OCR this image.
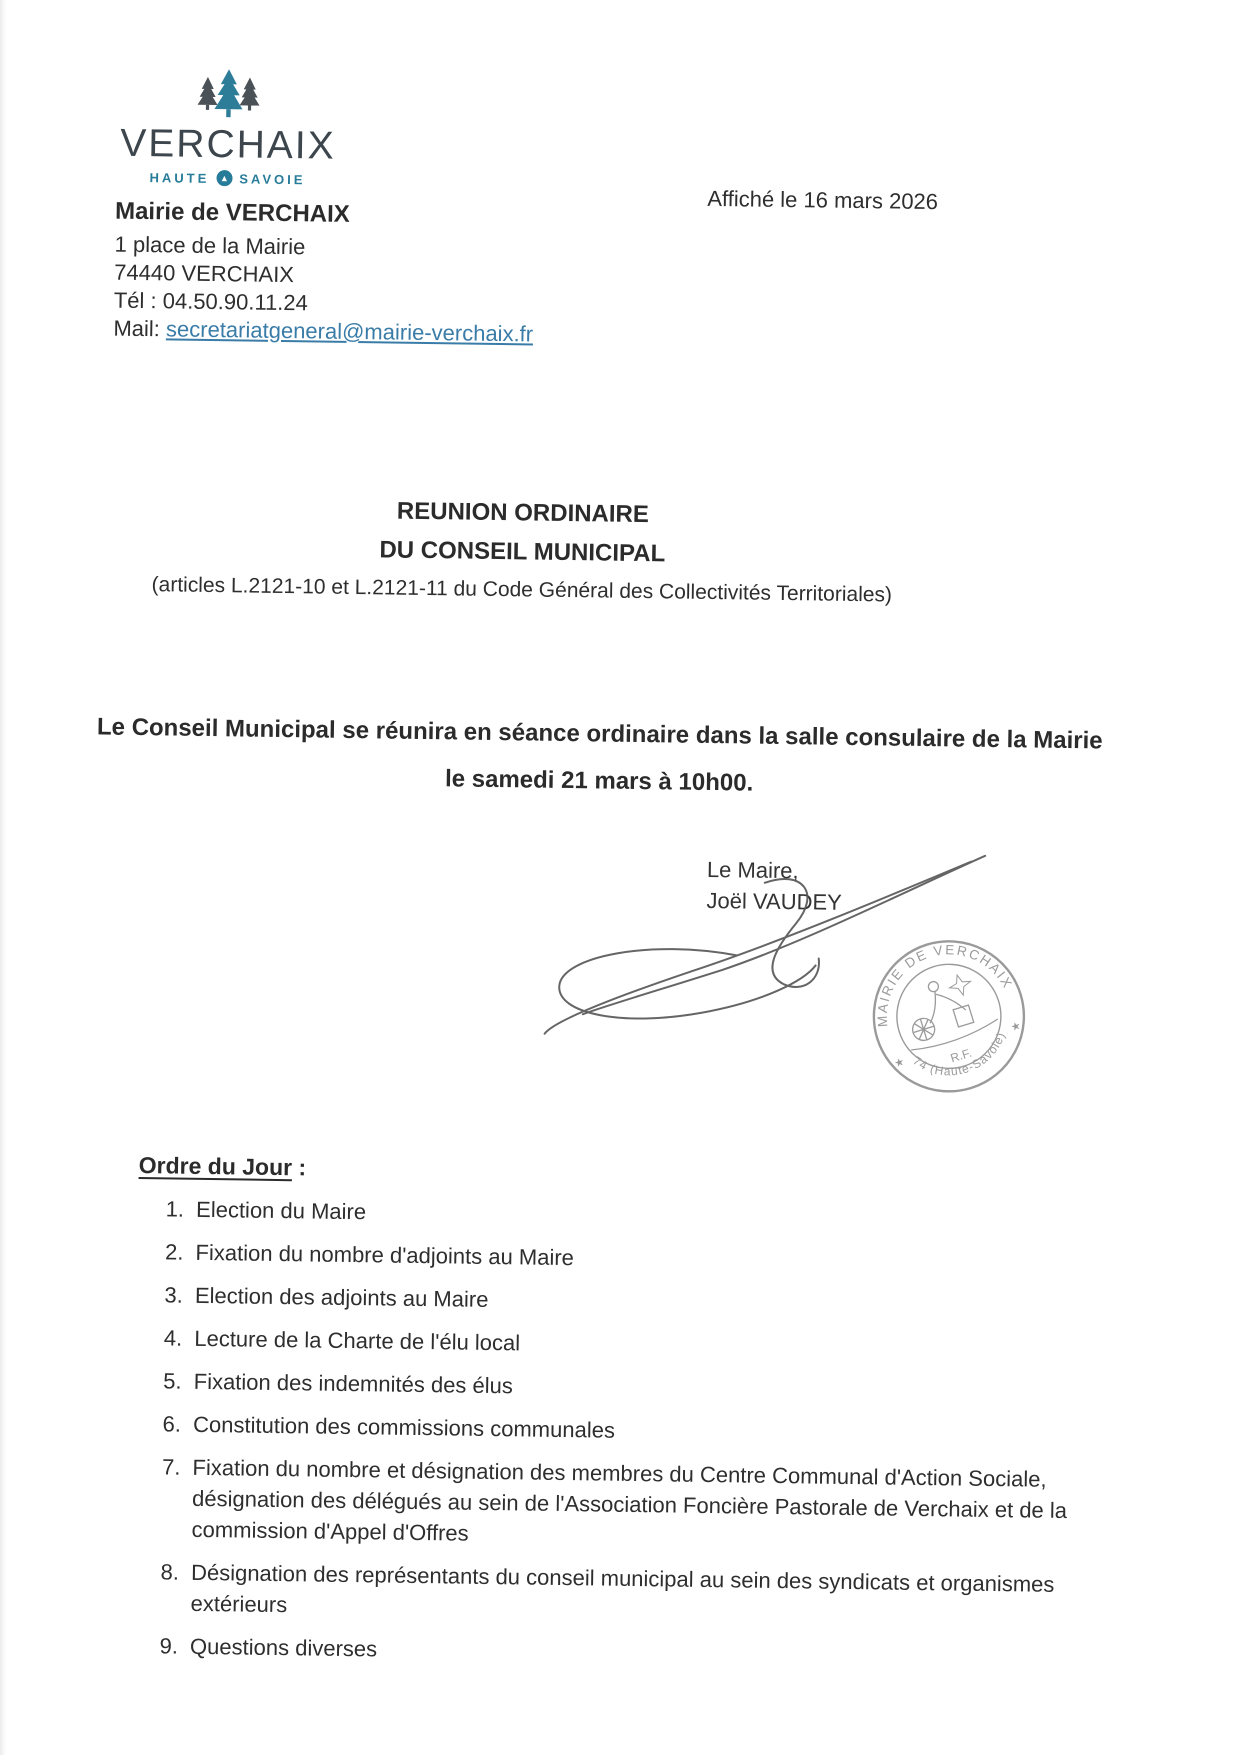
VERCHAIX
HAUTE ▲ SAVOIE
Mairie de VERCHAIX
1 place de la Mairie
74440 VERCHAIX
Tél : 04.50.90.11.24
Mail: secretariatgeneral@mairie-verchaix.fr
Affiché le 16 mars 2026
REUNION ORDINAIRE
DU CONSEIL MUNICIPAL
(articles L.2121-10 et L.2121-11 du Code Général des Collectivités Territoriales)
Le Conseil Municipal se réunira en séance ordinaire dans la salle consulaire de la Mairie
le samedi 21 mars à 10h00.
Le Maire,
Joël VAUDEY
MAIRIE DE VERCHAIX
74 (Haute-Savoie)
★
★
R.F.
Ordre du Jour :
1. Election du Maire
2. Fixation du nombre d'adjoints au Maire
3. Election des adjoints au Maire
4. Lecture de la Charte de l'élu local
5. Fixation des indemnités des élus
6. Constitution des commissions communales
7. Fixation du nombre et désignation des membres du Centre Communal d'Action Sociale, désignation des délégués au sein de l'Association Foncière Pastorale de Verchaix et de la commission d'Appel d'Offres
8. Désignation des représentants du conseil municipal au sein des syndicats et organismes extérieurs
9. Questions diverses
